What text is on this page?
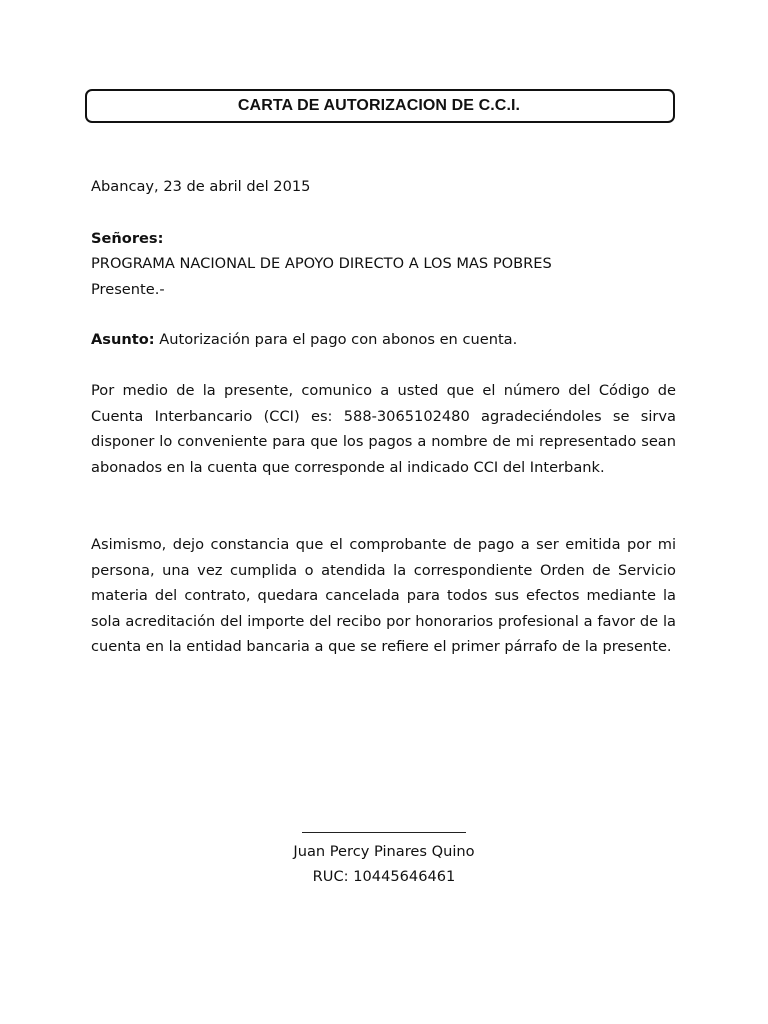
CARTA DE AUTORIZACION DE C.C.I.
Abancay, 23 de abril del 2015
Señores:
PROGRAMA NACIONAL DE APOYO DIRECTO A LOS MAS POBRES
Presente.-
Asunto: Autorización para el pago con abonos en cuenta.
Por medio de la presente, comunico a usted que el número del Código de Cuenta Interbancario (CCI) es: 588-3065102480 agradeciéndoles se sirva disponer lo conveniente para que los pagos a nombre de mi representado sean abonados en la cuenta que corresponde al indicado CCI del Interbank.
Asimismo, dejo constancia que el comprobante de pago a ser emitida por mi persona, una vez cumplida o atendida la correspondiente Orden de Servicio materia del contrato, quedara cancelada para todos sus efectos mediante la sola acreditación del importe del recibo por honorarios profesional a favor de la cuenta en la entidad bancaria a que se refiere el primer párrafo de la presente.
Juan Percy Pinares Quino
RUC: 10445646461
